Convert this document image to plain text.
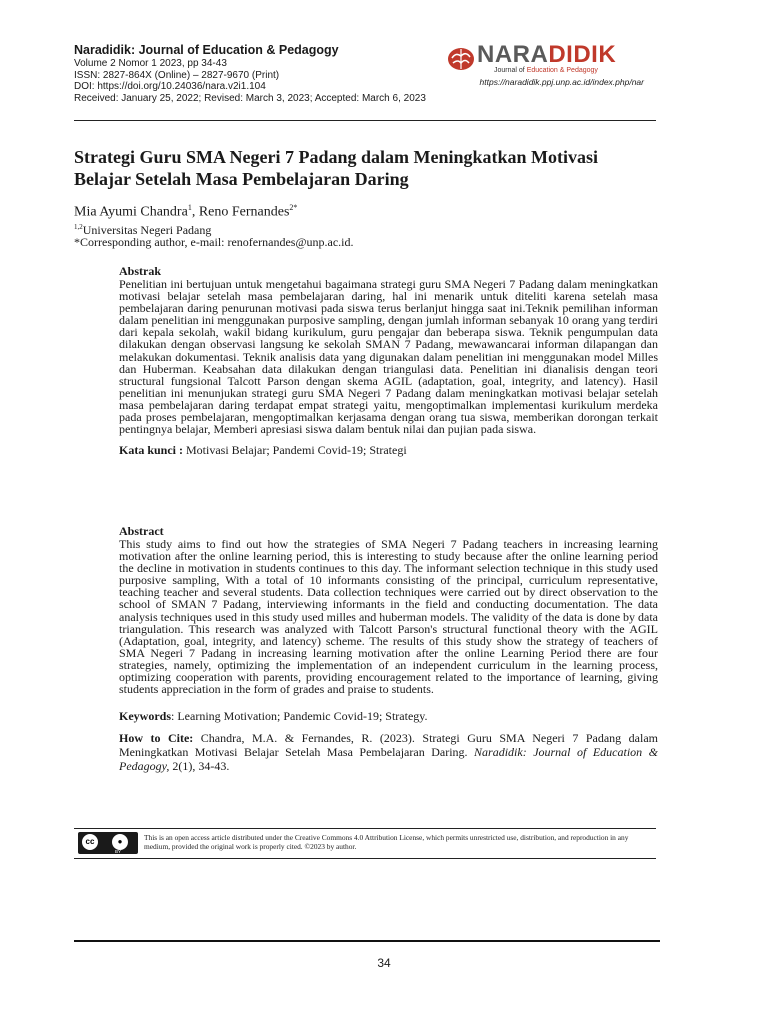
Naradidik: Journal of Education & Pedagogy
Volume 2 Nomor 1 2023, pp 34-43
ISSN: 2827-864X (Online) – 2827-9670 (Print)
DOI: https://doi.org/10.24036/nara.v2i1.104
Received: January 25, 2022; Revised: March 3, 2023; Accepted: March 6, 2023
NARADIDIK
Journal of Education & Pedagogy
https://naradidik.ppj.unp.ac.id/index.php/nar
Strategi Guru SMA Negeri 7 Padang dalam Meningkatkan Motivasi
Belajar Setelah Masa Pembelajaran Daring
Mia Ayumi Chandra$^1$, Reno Fernandes$^{2*}$
$^{1,2}$Universitas Negeri Padang
*Corresponding author, e-mail: renofernandes@unp.ac.id.
Abstrak
Penelitian ini bertujuan untuk mengetahui bagaimana strategi guru SMA Negeri 7 Padang dalam meningkatkan motivasi belajar setelah masa pembelajaran daring, hal ini menarik untuk diteliti karena setelah masa pembelajaran daring penurunan motivasi pada siswa terus berlanjut hingga saat ini.Teknik pemilihan informan dalam penelitian ini menggunakan purposive sampling, dengan jumlah informan sebanyak 10 orang yang terdiri dari kepala sekolah, wakil bidang kurikulum, guru pengajar dan beberapa siswa. Teknik pengumpulan data dilakukan dengan observasi langsung ke sekolah SMAN 7 Padang, mewawancarai informan dilapangan dan melakukan dokumentasi. Teknik analisis data yang digunakan dalam penelitian ini menggunakan model Milles dan Huberman. Keabsahan data dilakukan dengan triangulasi data. Penelitian ini dianalisis dengan teori structural fungsional Talcott Parson dengan skema AGIL (adaptation, goal, integrity, and latency). Hasil penelitian ini menunjukan strategi guru SMA Negeri 7 Padang dalam meningkatkan motivasi belajar setelah masa pembelajaran daring terdapat empat strategi yaitu, mengoptimalkan implementasi kurikulum merdeka pada proses pembelajaran, mengoptimalkan kerjasama dengan orang tua siswa, memberikan dorongan terkait pentingnya belajar, Memberi apresiasi siswa dalam bentuk nilai dan pujian pada siswa.
Kata kunci : Motivasi Belajar; Pandemi Covid-19; Strategi
Abstract
This study aims to find out how the strategies of SMA Negeri 7 Padang teachers in increasing learning motivation after the online learning period, this is interesting to study because after the online learning period the decline in motivation in students continues to this day. The informant selection technique in this study used purposive sampling, With a total of 10 informants consisting of the principal, curriculum representative, teaching teacher and several students. Data collection techniques were carried out by direct observation to the school of SMAN 7 Padang, interviewing informants in the field and conducting documentation. The data analysis techniques used in this study used milles and huberman models. The validity of the data is done by data triangulation. This research was analyzed with Talcott Parson's structural functional theory with the AGIL (Adaptation, goal, integrity, and latency) scheme. The results of this study show the strategy of teachers of SMA Negeri 7 Padang in increasing learning motivation after the online Learning Period there are four strategies, namely, optimizing the implementation of an independent curriculum in the learning process, optimizing cooperation with parents, providing encouragement related to the importance of learning, giving students appreciation in the form of grades and praise to students.
Keywords: Learning Motivation; Pandemic Covid-19; Strategy.
How to Cite: Chandra, M.A. & Fernandes, R. (2023). Strategi Guru SMA Negeri 7 Padang dalam Meningkatkan Motivasi Belajar Setelah Masa Pembelajaran Daring. Naradidik: Journal of Education & Pedagogy, 2(1), 34-43.
cc	●
BY
This is an open access article distributed under the Creative Commons 4.0 Attribution License, which permits unrestricted use, distribution, and reproduction in any medium, provided the original work is properly cited. ©2023 by author.
34
